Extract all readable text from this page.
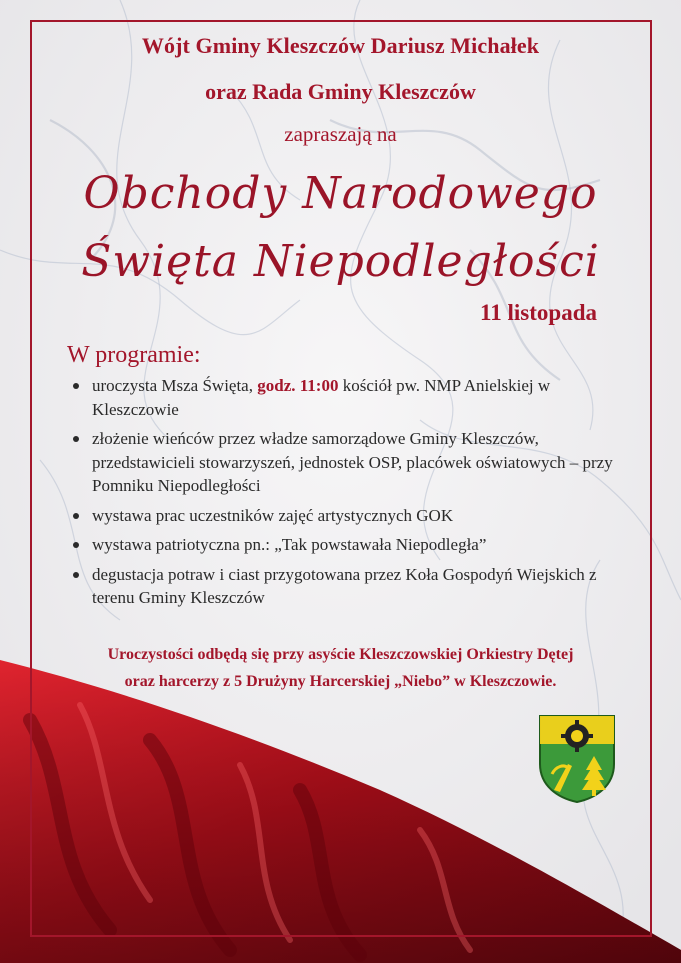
Wójt Gminy Kleszczów Dariusz Michałek
oraz Rada Gminy Kleszczów
zapraszają na
Obchody Narodowego
Święta Niepodległości
11 listopada
W programie:
uroczysta Msza Święta, godz. 11:00 kościół pw. NMP Anielskiej w Kleszczowie
złożenie wieńców przez władze samorządowe Gminy Kleszczów, przedstawicieli stowarzyszeń, jednostek OSP, placówek oświatowych – przy Pomniku Niepodległości
wystawa prac uczestników zajęć artystycznych GOK
wystawa patriotyczna pn.: „Tak powstawała Niepodległa”
degustacja potraw i ciast przygotowana przez Koła Gospodyń Wiejskich z terenu Gminy Kleszczów
Uroczystości odbędą się przy asyście Kleszczowskiej Orkiestry Dętej
oraz harcerzy z 5 Drużyny Harcerskiej „Niebo” w Kleszczowie.
